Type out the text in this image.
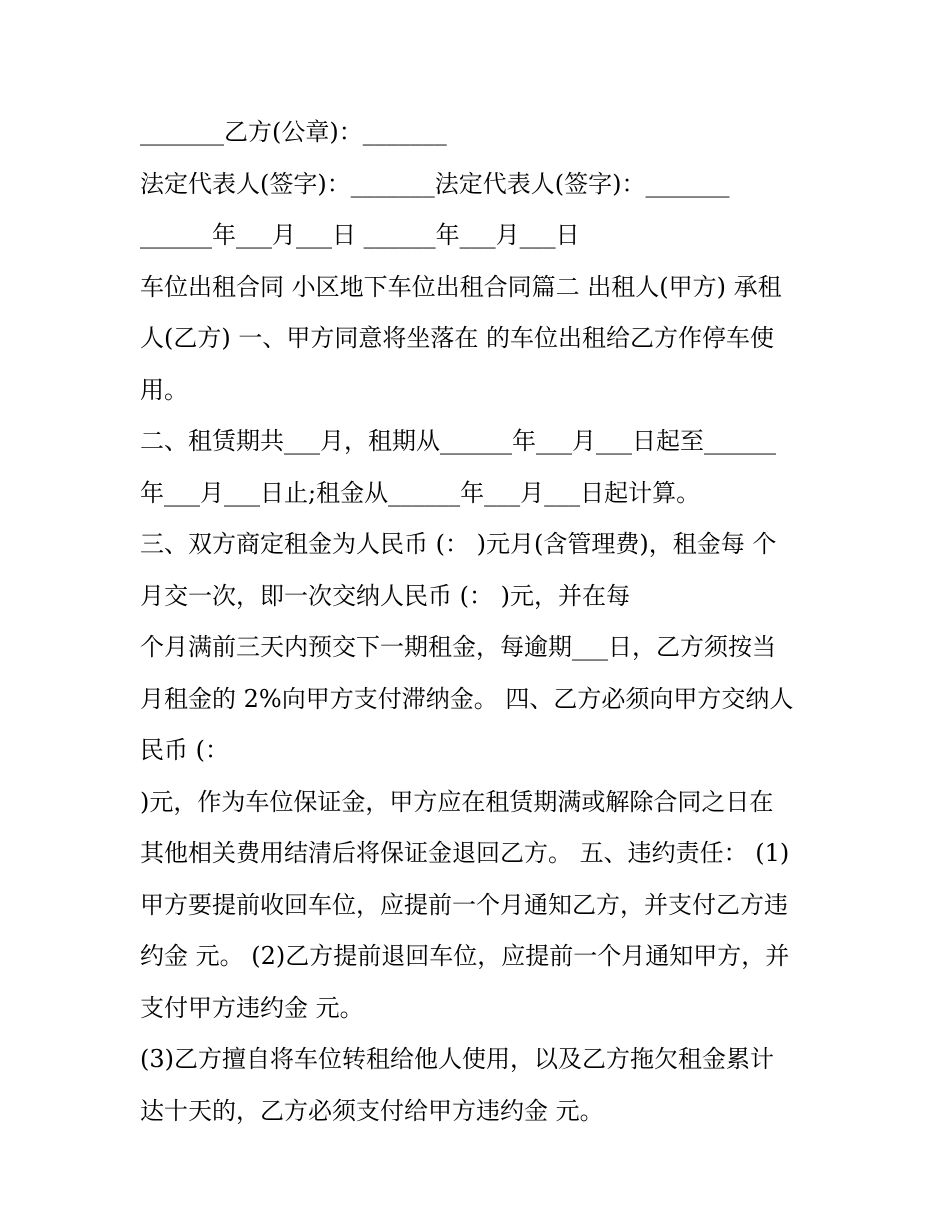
_______乙方(公章)：_______
法定代表人(签字)：_______法定代表人(签字)：_______
______年___月___日 ______年___月___日
车位出租合同 小区地下车位出租合同篇二 出租人(甲方) 承租
人(乙方) 一、甲方同意将坐落在 的车位出租给乙方作停车使
用。
二、租赁期共___月，租期从______年___月___日起至______
年___月___日止;租金从______年___月___日起计算。
三、双方商定租金为人民币 (： )元月(含管理费)，租金每 个
月交一次，即一次交纳人民币 (： )元，并在每
个月满前三天内预交下一期租金，每逾期___日，乙方须按当
月租金的 2%向甲方支付滞纳金。 四、乙方必须向甲方交纳人
民币 (：
)元，作为车位保证金，甲方应在租赁期满或解除合同之日在
其他相关费用结清后将保证金退回乙方。 五、违约责任： (1)
甲方要提前收回车位，应提前一个月通知乙方，并支付乙方违
约金 元。 (2)乙方提前退回车位，应提前一个月通知甲方，并
支付甲方违约金 元。
(3)乙方擅自将车位转租给他人使用，以及乙方拖欠租金累计
达十天的，乙方必须支付给甲方违约金 元。
